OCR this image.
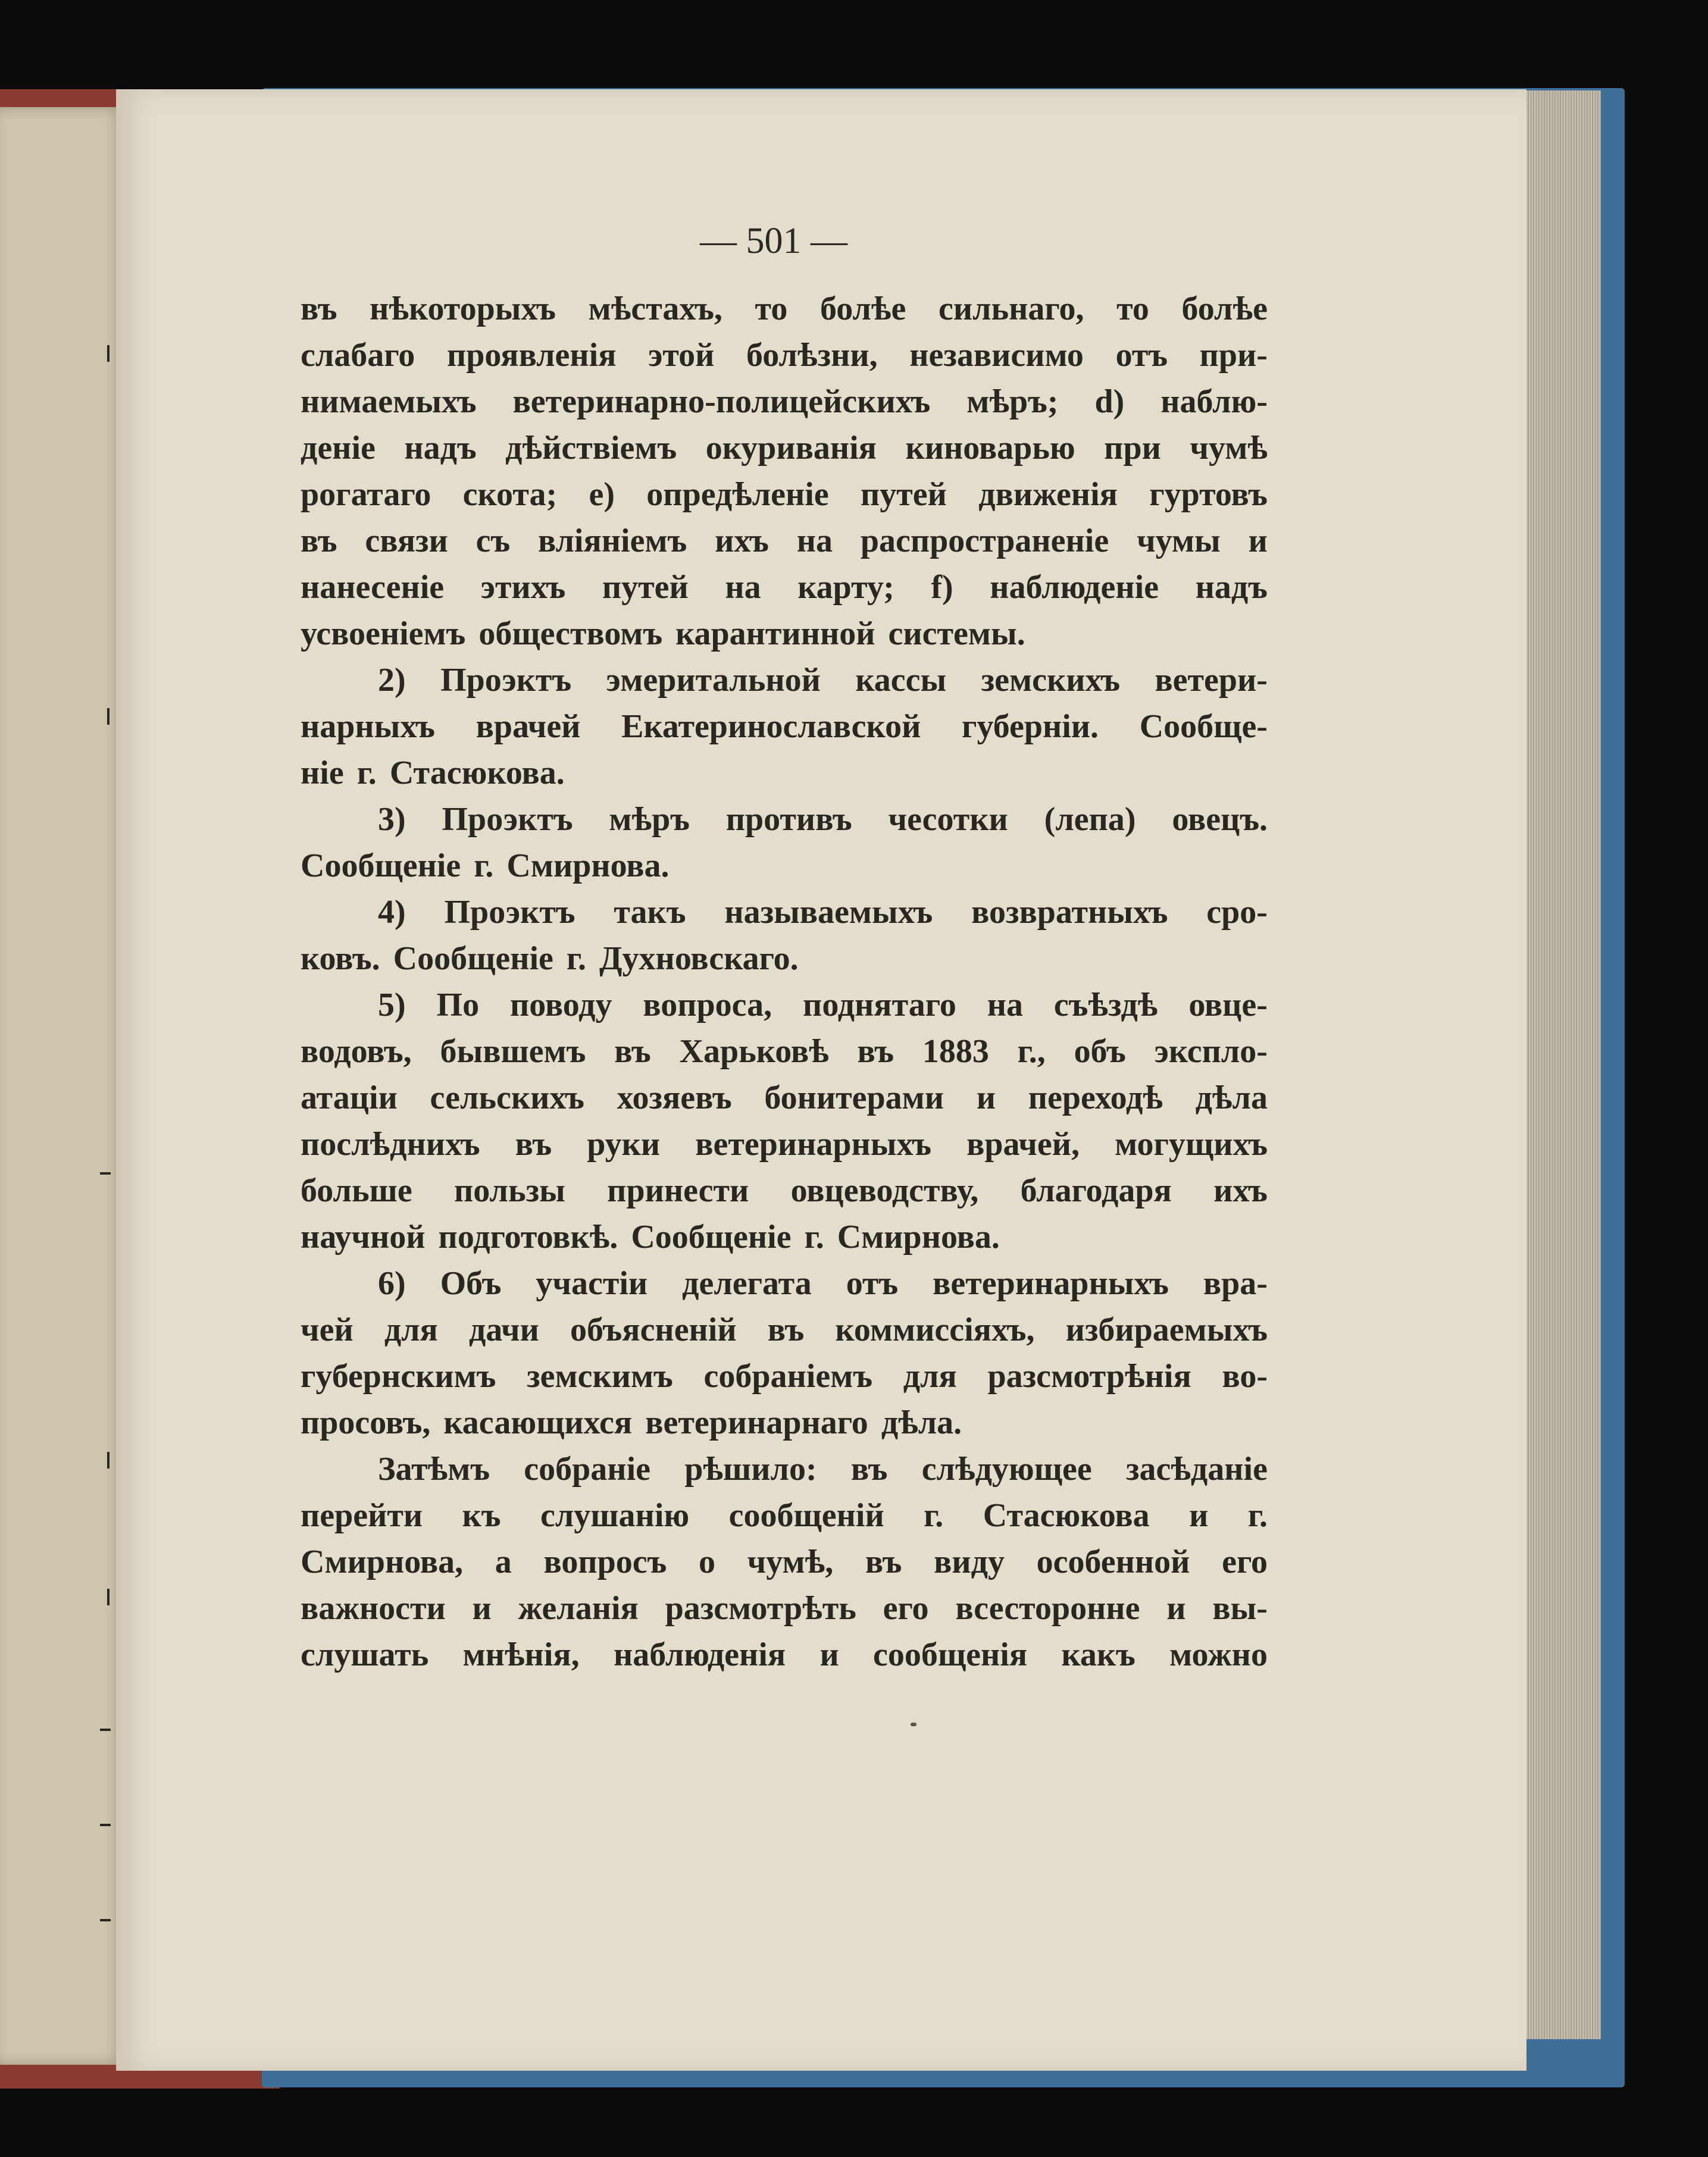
— 501 —
въ нѣкоторыхъ мѣстахъ, то болѣе сильнаго, то болѣе
слабаго проявленія этой болѣзни, независимо отъ при-
нимаемыхъ ветеринарно-полицейскихъ мѣръ; d) наблю-
деніе надъ дѣйствіемъ окуриванія киноварью при чумѣ
рогатаго скота; e) опредѣленіе путей движенія гуртовъ
въ связи съ вліяніемъ ихъ на распространеніе чумы и
нанесеніе этихъ путей на карту; f) наблюденіе надъ
усвоеніемъ обществомъ карантинной системы.
2) Проэктъ эмеритальной кассы земскихъ ветери-
нарныхъ врачей Екатеринославской губерніи. Сообще-
ніе г. Стасюкова.
3) Проэктъ мѣръ противъ чесотки (лепа) овецъ.
Сообщеніе г. Смирнова.
4) Проэктъ такъ называемыхъ возвратныхъ сро-
ковъ. Сообщеніе г. Духновскаго.
5) По поводу вопроса, поднятаго на съѣздѣ овце-
водовъ, бывшемъ въ Харьковѣ въ 1883 г., объ экспло-
атаціи сельскихъ хозяевъ бонитерами и переходѣ дѣла
послѣднихъ въ руки ветеринарныхъ врачей, могущихъ
больше пользы принести овцеводству, благодаря ихъ
научной подготовкѣ. Сообщеніе г. Смирнова.
6) Объ участіи делегата отъ ветеринарныхъ вра-
чей для дачи объясненій въ коммиссіяхъ, избираемыхъ
губернскимъ земскимъ собраніемъ для разсмотрѣнія во-
просовъ, касающихся ветеринарнаго дѣла.
Затѣмъ собраніе рѣшило: въ слѣдующее засѣданіе
перейти къ слушанію сообщеній г. Стасюкова и г.
Смирнова, а вопросъ о чумѣ, въ виду особенной его
важности и желанія разсмотрѣть его всесторонне и вы-
слушать мнѣнія, наблюденія и сообщенія какъ можно
